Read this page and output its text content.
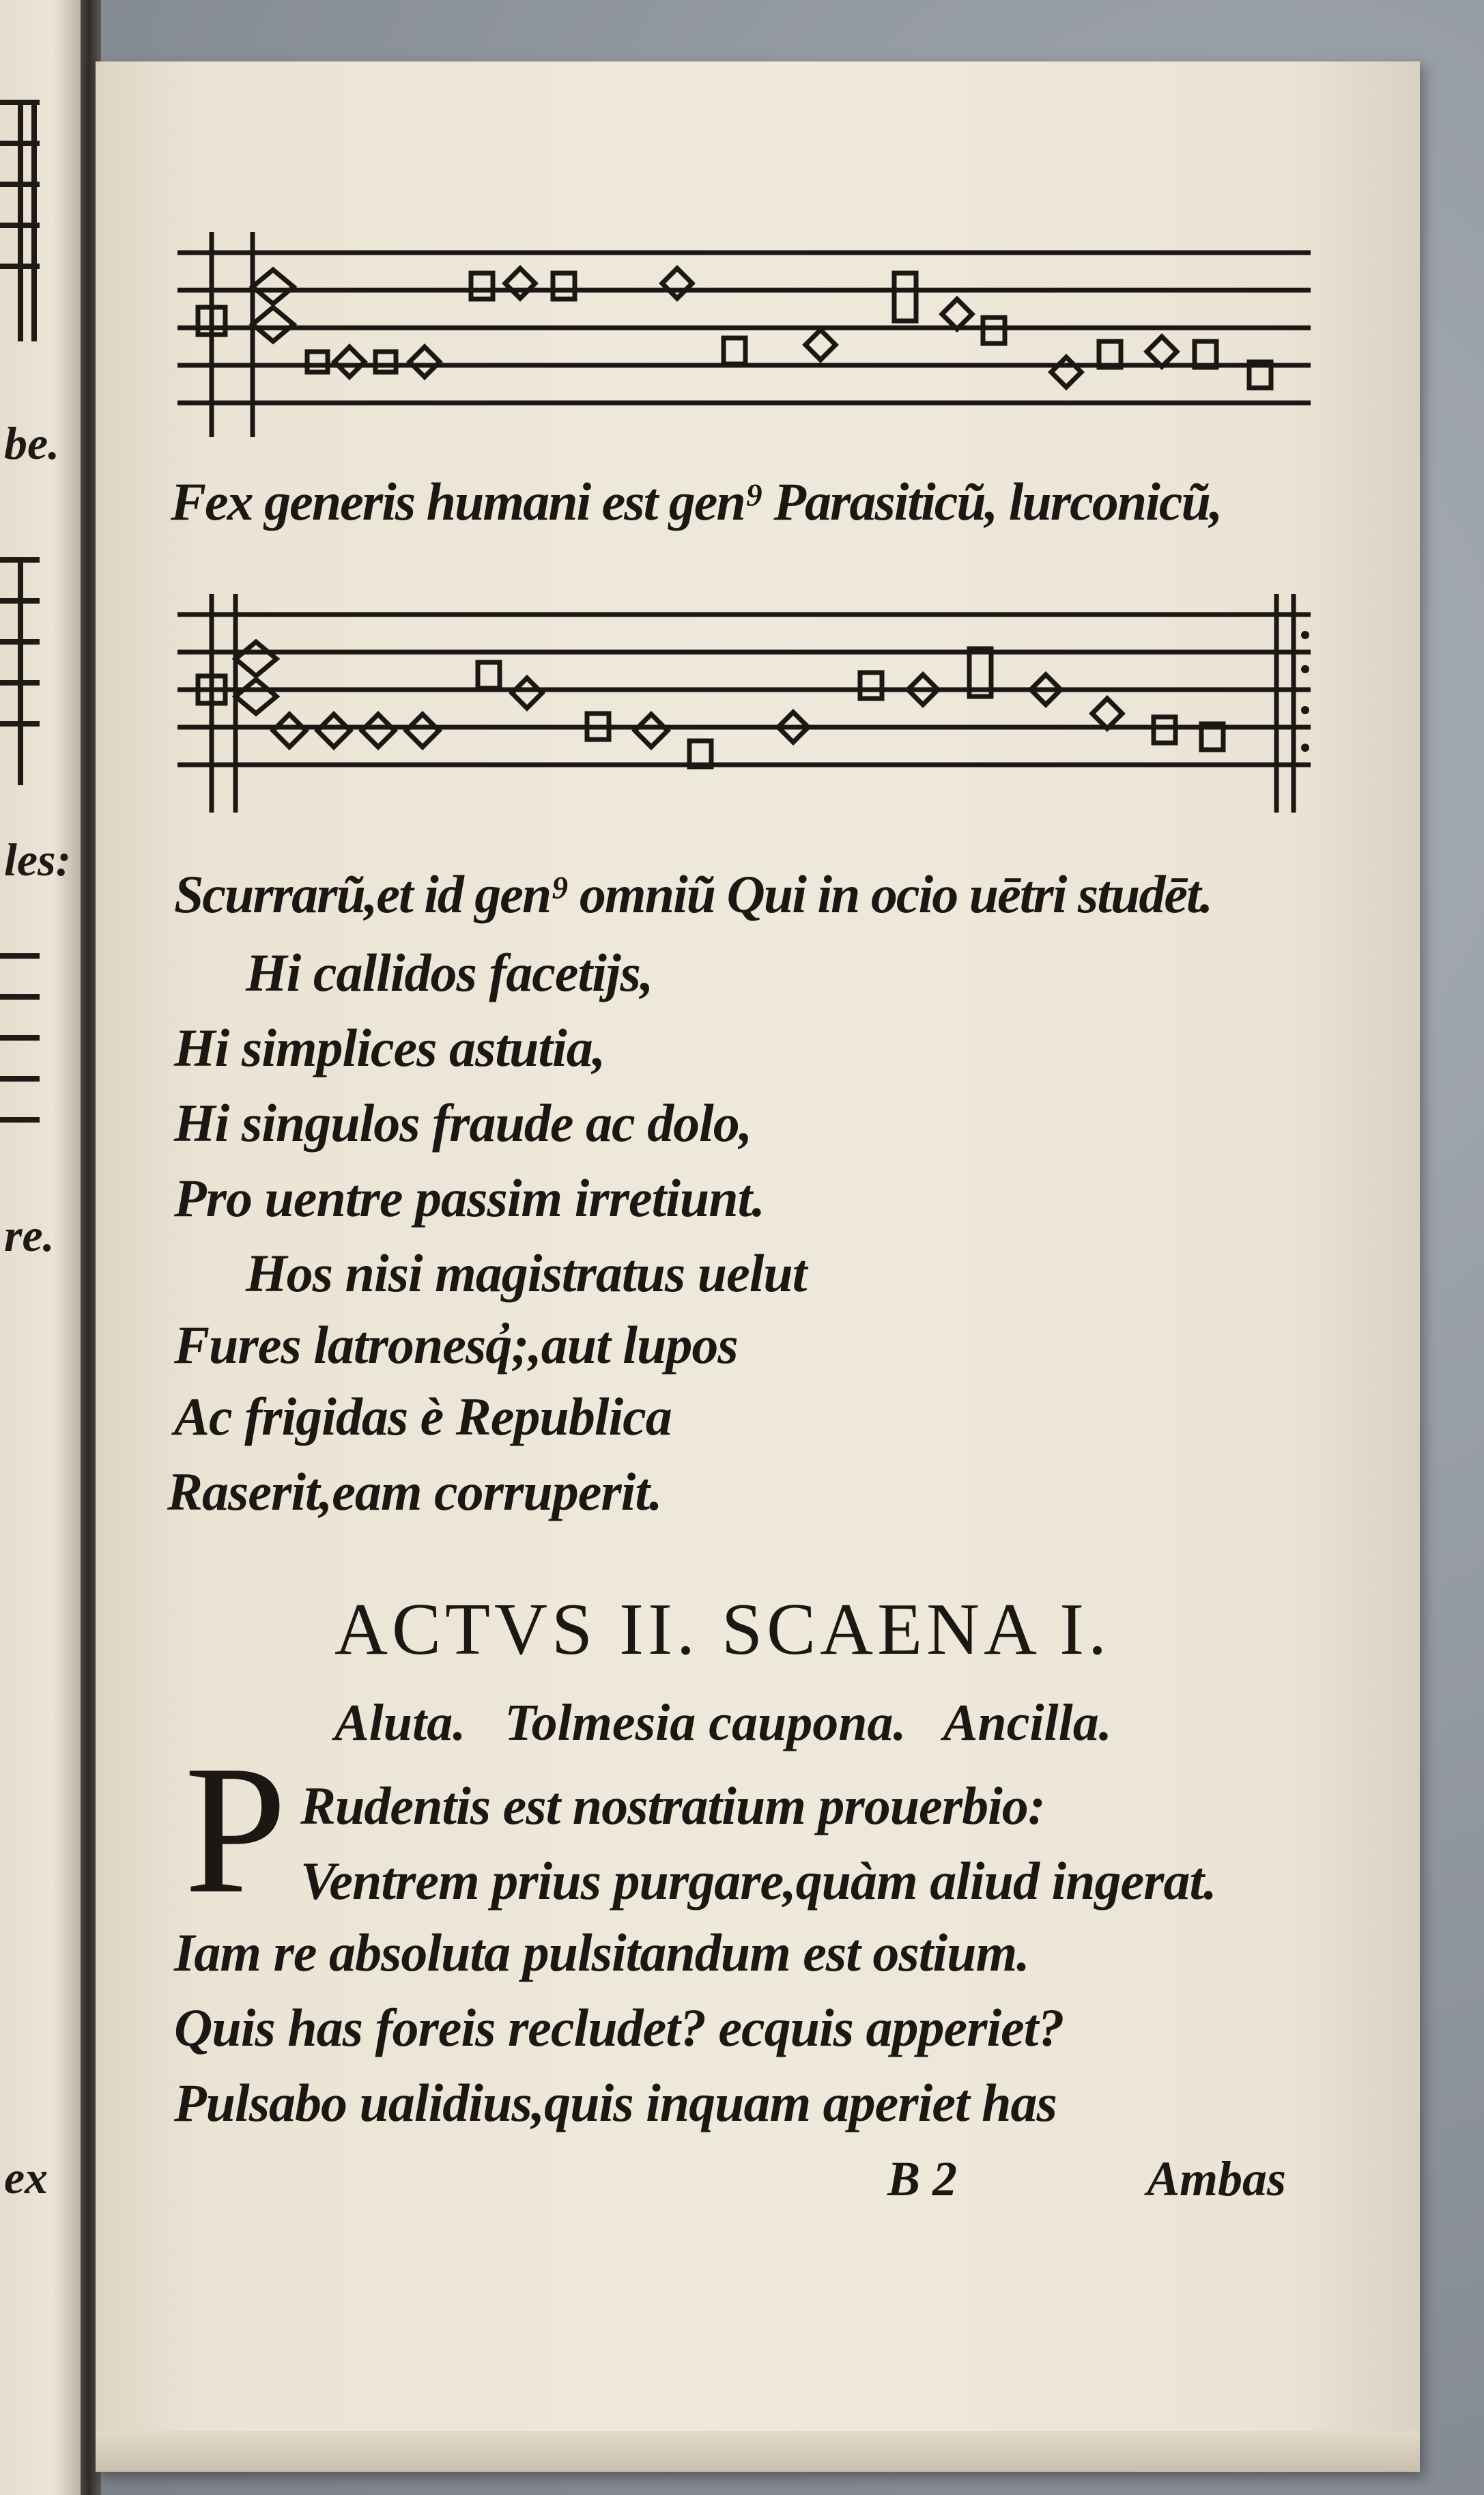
be.
les:
re.
ex
Fex generis humani est gen⁹ Parasiticũ, lurconicũ,
Scurrarũ,et id gen⁹ omniũ Qui in ocio uētri studēt.
Hi callidos facetijs,
Hi simplices astutia,
Hi singulos fraude ac dolo,
Pro uentre passim irretiunt.
Hos nisi magistratus uelut
Fures latronesq̓;,aut lupos
Ac frigidas è Republica
Raserit,eam corruperit.
ACTVS II. SCAENA I.
Aluta.   Tolmesia caupona.   Ancilla.
P Rudentis est nostratium prouerbio:
Ventrem prius purgare,quàm aliud ingerat.
Iam re absoluta pulsitandum est ostium.
Quis has foreis recludet? ecquis apperiet?
Pulsabo ualidius,quis inquam aperiet has
B 2	Ambas
